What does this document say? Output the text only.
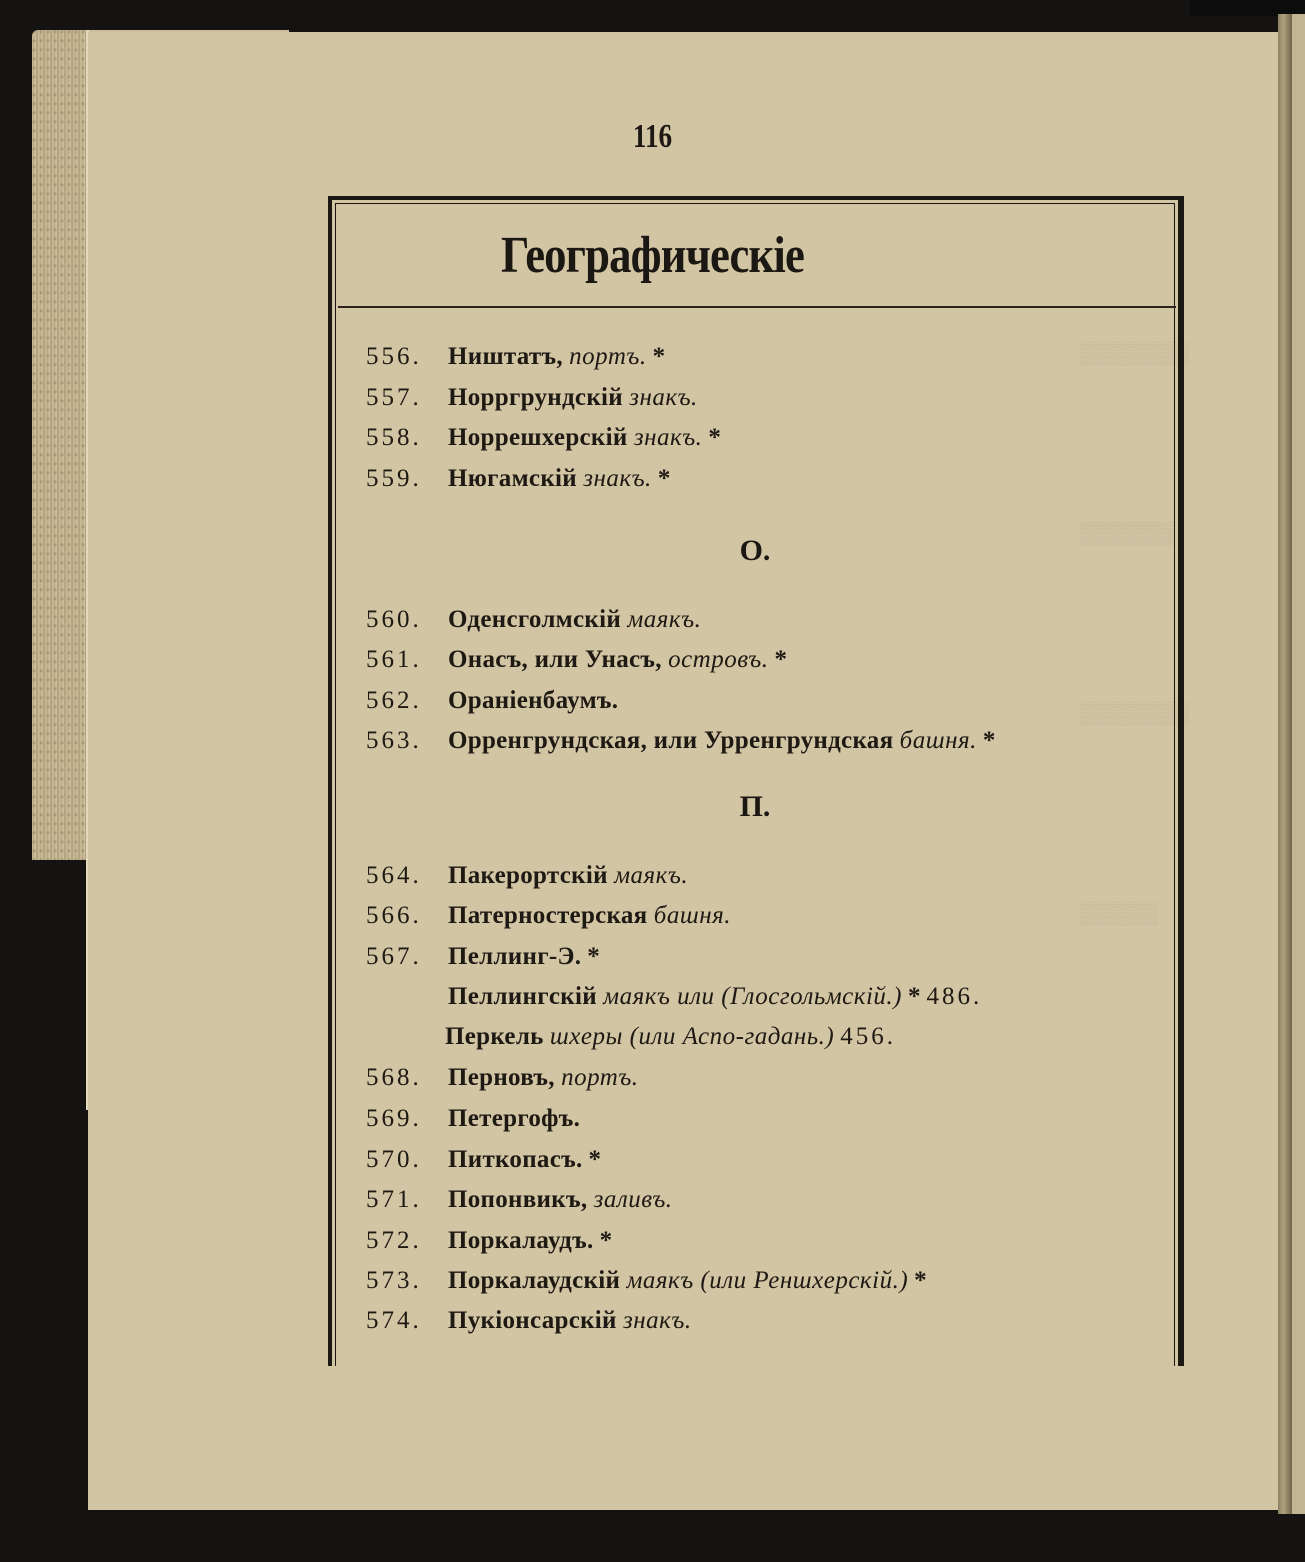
▒▒▒▒▒▒▒
▒▒▒▒▒▒
▒▒▒▒▒▒▒
▒▒▒▒▒
116
Географическіе
556. Ништатъ, портъ. *
557. Норргрундскій знакъ.
558. Норрешхерскій знакъ. *
559. Нюгамскій знакъ. *
О.
560. Оденсголмскій маякъ.
561. Онасъ, или Унасъ, островъ. *
562. Ораніенбаумъ.
563. Орренгрундская, или Урренгрундская башня. *
П.
564. Пакерортскій маякъ.
566. Патерностерская башня.
567. Пеллинг-Э. *
Пеллингскій маякъ или (Глосгольмскій.) * 486.
Перкель шхеры (или Аспо-гадань.) 456.
568. Перновъ, портъ.
569. Петергофъ.
570. Питкопасъ. *
571. Попонвикъ, заливъ.
572. Поркалаудъ. *
573. Поркалаудскій маякъ (или Реншхерскій.) *
574. Пукіонсарскій знакъ.
